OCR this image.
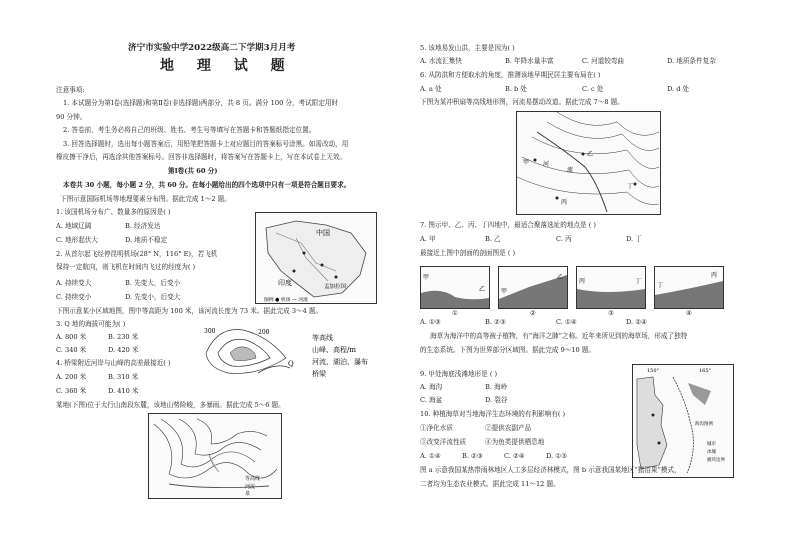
济宁市实验中学2022级高二下学期3月月考
地 理 试 题
注意事项:
1. 本试题分为第Ⅰ卷(选择题)和第Ⅱ卷(非选择题)两部分，共 8 页。满分 100 分，考试限定用时
90 分钟。
2. 答卷前，考生务必将自己的班级、姓名、考生号等填写在答题卡和答题纸指定位置。
3. 回答选择题时，选出每小题答案后，用铅笔把答题卡上对应题目的答案标号涂黑。如需改动，用
橡皮擦干净后，再选涂其他答案标号。回答非选择题时，将答案写在答题卡上，写在本试卷上无效。
第Ⅰ卷(共 60 分)
本卷共 30 小题，每小题 2 分，共 60 分。在每小题给出的四个选项中只有一项是符合题目要求。
下图示意国际机场等地理要素分布图。据此完成 1～2 题。
1. 该国机场分布广、数量多的原因是( )
A. 地域辽阔	B. 经济发达
C. 地形起伏大	D. 地质不稳定
2. 从首尔起飞经停昆明机场(28° N，116° E)，若飞机
保持一定航向，则飞机在时间内飞过的经度为( )
A. 持续变大	B. 先变大，后变小
C. 持续变小	D. 先变小，后变大
下图示意某小区域地图，图中等高距为 100 米，该河流长度为 73 米。据此完成 3～4 题。
3. Q 地的海拔可能为( )
A. 800 米	B. 230 米
C. 340 米	D. 420 米
4. 桥梁附近河岸与山峰的高差最接近( )
A. 200 米	B. 310 米
C. 360 米	D. 410 米
某地(下图)位于太行山南段东麓，该地山势险峻，多暴雨。据此完成 5～6 题。
中国
印度	孟加拉国
图例 ● 机场 — 河流
300	200
Q
等高线
山峰、高程/m
河流、湖泊、瀑布
桥梁
等高线
河流
泉
5. 该地易发山洪，主要是因为( )
A. 水流汇集快	B. 年降水量丰富	C. 河道较弯曲	D. 地质条件复杂
6. 从防洪和方便取水的角度，推测该地早期民居主要布局在( )
A. a 处	B. b 处	C. c 处	D. d 处
下图为某冲积扇等高线地形图，河流易摆动改道。据此完成 7～8 题。
甲
乙
丙
丁
河
流
7. 图示甲、乙、丙、丁四地中，最适合聚落选址的地点是 ( )
A. 甲	B. 乙	C. 丙	D. 丁
最接近上图中剖面的剖面图是 ( )
甲
乙
乙
甲
丙	丁
丁
丙
①	②	③	④
A. ①③	B. ②③	C. ①④	D. ②④
海草为海洋中的高等被子植物，有“海洋之肺”之称。近年来所见到的海草场，形成了独特
的生态系统。下图为世界部分区域图。据此完成 9～10 题。
9. 甲处海底浅滩地形是 ( )
A. 海沟	B. 海岭
C. 海盆	D. 裂谷
10. 种植海草对当地海洋生态环境的有利影响有( )
①净化水质	②提供农副产品
③改变洋流性质	④为鱼类提供栖息地
A. ①④	B. ②③	C. ②④	D. ①③
150°	165°
海沟图例
城市
冰城
板块边界
图 a 示意我国某热带雨林地区人工多层经济林模式，图 b 示意我国某地区“猪沼果”模式，
二者均为生态农业模式。据此完成 11～12 题。
